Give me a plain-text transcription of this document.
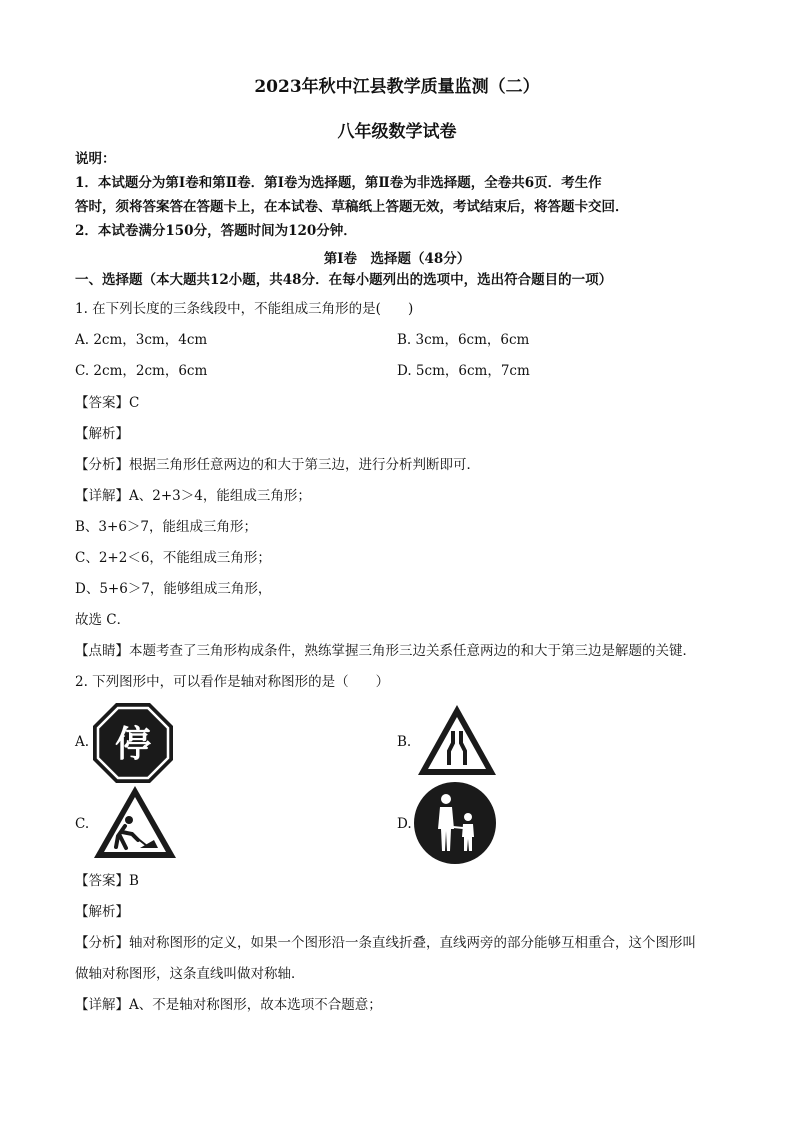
2023年秋中江县教学质量监测（二）
八年级数学试卷
说明：
1．本试题分为第Ⅰ卷和第Ⅱ卷．第Ⅰ卷为选择题，第Ⅱ卷为非选择题，全卷共6页．考生作
答时，须将答案答在答题卡上，在本试卷、草稿纸上答题无效，考试结束后，将答题卡交回．
2．本试卷满分150分，答题时间为120分钟．
第Ⅰ卷　选择题（48分）
一、选择题（本大题共12小题，共48分．在每小题列出的选项中，选出符合题目的一项）
1. 在下列长度的三条线段中，不能组成三角形的是(　　)
A. 2cm，3cm，4cm	B. 3cm，6cm，6cm
C. 2cm，2cm，6cm	D. 5cm，6cm，7cm
【答案】C
【解析】
【分析】根据三角形任意两边的和大于第三边，进行分析判断即可．
【详解】A、2+3＞4，能组成三角形；
B、3+6＞7，能组成三角形；
C、2+2＜6，不能组成三角形；
D、5+6＞7，能够组成三角形，
故选 C．
【点睛】本题考查了三角形构成条件，熟练掌握三角形三边关系任意两边的和大于第三边是解题的关键．
2. 下列图形中，可以看作是轴对称图形的是（　　）
A. 停	B.
C.	D.
【答案】B
【解析】
【分析】轴对称图形的定义，如果一个图形沿一条直线折叠，直线两旁的部分能够互相重合，这个图形叫
做轴对称图形，这条直线叫做对称轴．
【详解】A、不是轴对称图形，故本选项不合题意；
